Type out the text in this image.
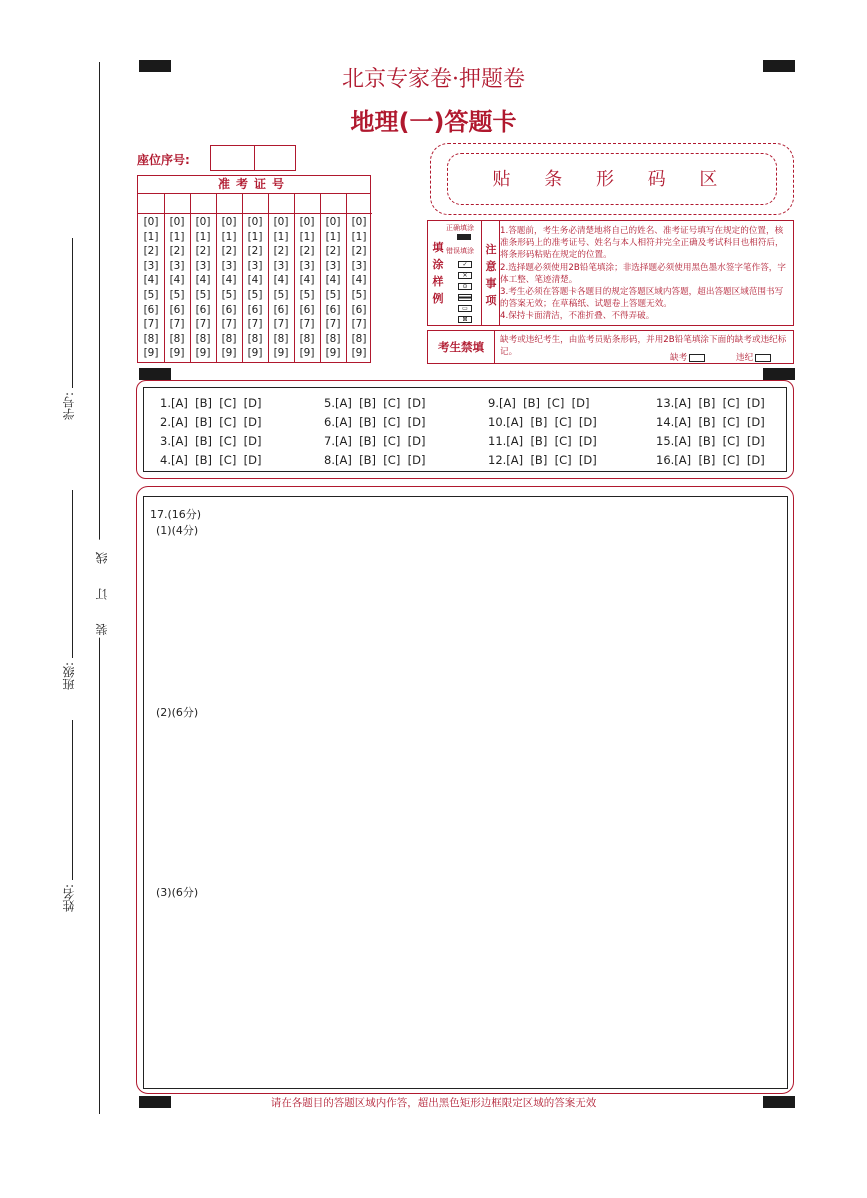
学号:
班级:
姓名:
装 订 线
北京专家卷·押题卷
地理(一)答题卡
座位序号:
准考证号
[0]
[1]
[2]
[3]
[4]
[5]
[6]
[7]
[8]
[9]
[0]
[1]
[2]
[3]
[4]
[5]
[6]
[7]
[8]
[9]
[0]
[1]
[2]
[3]
[4]
[5]
[6]
[7]
[8]
[9]
[0]
[1]
[2]
[3]
[4]
[5]
[6]
[7]
[8]
[9]
[0]
[1]
[2]
[3]
[4]
[5]
[6]
[7]
[8]
[9]
[0]
[1]
[2]
[3]
[4]
[5]
[6]
[7]
[8]
[9]
[0]
[1]
[2]
[3]
[4]
[5]
[6]
[7]
[8]
[9]
[0]
[1]
[2]
[3]
[4]
[5]
[6]
[7]
[8]
[9]
[0]
[1]
[2]
[3]
[4]
[5]
[6]
[7]
[8]
[9]
贴 条 形 码 区
填
涂
样
例
正确填涂
错误填涂
✓
✕
⊙
▭
⊠
注
意
事
项
1.答题前，考生务必清楚地将自己的姓名、准考证号填写在规定的位置，核准条形码上的准考证号、姓名与本人相符并完全正确及考试科目也相符后，将条形码粘贴在规定的位置。
2.选择题必须使用2B铅笔填涂；非选择题必须使用黑色墨水签字笔作答，字体工整、笔迹清楚。
3.考生必须在答题卡各题目的规定答题区域内答题，超出答题区域范围书写的答案无效；在草稿纸、试题卷上答题无效。
4.保持卡面清洁，不准折叠、不得弄破。
考生禁填	缺考或违纪考生，由监考员贴条形码，并用2B铅笔填涂下面的缺考或违纪标记。
缺考	违纪
1.[A]  [B]  [C]  [D]
2.[A]  [B]  [C]  [D]
3.[A]  [B]  [C]  [D]
4.[A]  [B]  [C]  [D]
5.[A]  [B]  [C]  [D]
6.[A]  [B]  [C]  [D]
7.[A]  [B]  [C]  [D]
8.[A]  [B]  [C]  [D]
9.[A]  [B]  [C]  [D]
10.[A]  [B]  [C]  [D]
11.[A]  [B]  [C]  [D]
12.[A]  [B]  [C]  [D]
13.[A]  [B]  [C]  [D]
14.[A]  [B]  [C]  [D]
15.[A]  [B]  [C]  [D]
16.[A]  [B]  [C]  [D]
17.(16分)
(1)(4分)
(2)(6分)
(3)(6分)
请在各题目的答题区域内作答，超出黑色矩形边框限定区域的答案无效
